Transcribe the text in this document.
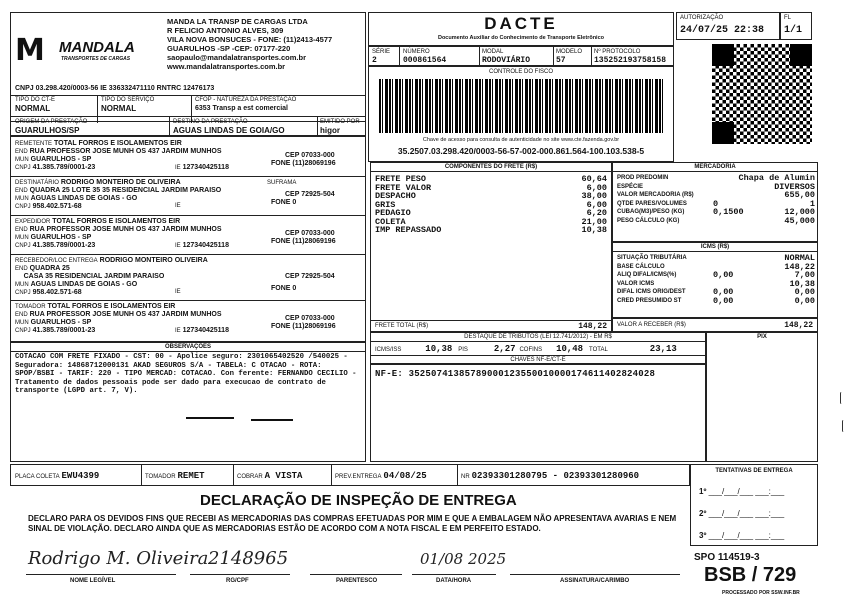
M	MANDALA
TRANSPORTES DE CARGAS
MANDA LA TRANSP DE CARGAS LTDA
R FELICIO ANTONIO ALVES, 309
VILA NOVA BONSUCES - FONE: (11)2413-4577
GUARULHOS -SP -CEP: 07177-220
saopaulo@mandalatransportes.com.br
www.mandalatransportes.com.br
CNPJ 03.298.420/0003-56 IE 336332471110 RNTRC 12476173
TIPO DO CT-E
NORMAL
TIPO DO SERVIÇO
NORMAL
CFOP - NATUREZA DA PRESTAÇÃO
6353 Transp a est comercial
ORIGEM DA PRESTAÇÃO
GUARULHOS/SP
DESTINO DA PRESTAÇÃO
AGUAS LINDAS DE GOIA/GO
EMITIDO POR
higor
DACTE
Documento Auxiliar do Conhecimento de Transporte Eletrônico
SÉRIE
2
NÚMERO
000861564
MODAL
RODOVIÁRIO
MODELO
57
Nº PROTOCOLO
135252193758158
CONTROLE DO FISCO
Chave de acesso para consulta de autenticidade no site www.cte.fazenda.gov.br
35.2507.03.298.420/0003-56-57-002-000.861.564-100.103.538-5
AUTORIZAÇÃO
24/07/25 22:38
FL
1/1
REMETENTE TOTAL FORROS E ISOLAMENTOS EIR
END RUA PROFESSOR JOSE MUNH OS 437 JARDIM MUNHOS
MUN GUARULHOS - SP
CEP 07033-000
CNPJ 41.385.789/0001-23	IE 127340425118
FONE (11)28069196
DESTINATÁRIO RODRIGO MONTEIRO DE OLIVEIRA	SUFRAMA
END QUADRA 25 LOTE 35 35 RESIDENCIAL JARDIM PARAISO
MUN AGUAS LINDAS DE GOIAS - GO
CEP 72925-504
CNPJ 958.402.571-68	IE	FONE 0
EXPEDIDOR TOTAL FORROS E ISOLAMENTOS EIR
END RUA PROFESSOR JOSE MUNH OS 437 JARDIM MUNHOS
MUN GUARULHOS - SP
CEP 07033-000
CNPJ 41.385.789/0001-23	IE 127340425118
FONE (11)28069196
RECEBEDOR/LOC ENTREGA RODRIGO MONTEIRO OLIVEIRA
END QUADRA 25
CASA 35 RESIDENCIAL JARDIM PARAISO	CEP 72925-504
MUN AGUAS LINDAS DE GOIAS - GO
CNPJ 958.402.571-68	IE	FONE 0
TOMADOR TOTAL FORROS E ISOLAMENTOS EIR
END RUA PROFESSOR JOSE MUNH OS 437 JARDIM MUNHOS
MUN GUARULHOS - SP
CEP 07033-000
CNPJ 41.385.789/0001-23	IE 127340425118
FONE (11)28069196
OBSERVAÇÕES
COTACAO COM FRETE FIXADO - CST: 00 - Apolice seguro: 2301065402520 /540025 - Seguradora: 14868712000131 AKAD SEGUROS S/A - TABELA: C OTACAO - ROTA: SPOP/BSBI - TARIF: 220 - TIPO MERCAD: COTACAO. Con ferente: FERNANDO CECILIO - Tratamento de dados pessoais pode ser dado para execucao de contrato de transporte (LGPD art. 7, V).
COMPONENTES DO FRETE (R$)
FRETE PESO	60,64
FRETE VALOR	6,00
DESPACHO	38,00
GRIS	6,00
PEDAGIO	6,20
COLETA	21,00
IMP REPASSADO	10,38
FRETE TOTAL (R$)	148,22
MERCADORIA
PROD PREDOMIN	Chapa de Alumin
ESPÉCIE	DIVERSOS
VALOR MERCADORIA (R$)	655,00
QTDE PARES/VOLUMES	0	1
CUBAG(M3)/PESO (KG)	0,1500	12,000
PESO CÁLCULO (KG)	45,000
ICMS (R$)
SITUAÇÃO TRIBUTÁRIA	NORMAL
BASE CÁLCULO	148,22
ALIQ DIFAL/ICMS(%)	0,00	7,00
VALOR ICMS	10,38
DIFAL ICMS ORIG/DEST	0,00	0,00
CRED PRESUMIDO ST	0,00	0,00
VALOR A RECEBER (R$)	148,22
DESTAQUE DE TRIBUTOS (LEI 12.741/2012) - EM R$
ICMS/ISS	10,38 PIS	2,27 COFINS 10,48 TOTAL	23,13
CHAVES NF-E/CT-E
PIX
NF-E: 35250741385789000123550010000174611402824028
PLACA COLETA EWU4399	TOMADOR REMET	COBRAR A VISTA	PREV.ENTREGA 04/08/25	NR 02393301280795 - 02393301280960	TENTATIVAS DE ENTREGA
1º ___/___/___ ___:___
2º ___/___/___ ___:___
3º ___/___/___ ___:___
DECLARAÇÃO DE INSPEÇÃO DE ENTREGA
DECLARO PARA OS DEVIDOS FINS QUE RECEBI AS MERCADORIAS DAS COMPRAS EFETUADAS POR MIM E QUE A EMBALAGEM NÃO APRESENTAVA AVARIAS E NEM SINAL DE VIOLAÇÃO. DECLARO AINDA QUE AS MERCADORIAS ESTÃO DE ACORDO COM A NOTA FISCAL E EM PERFEITO ESTADO.
Rodrigo M. Oliveira 2148965	01/08 2025
NOME LEGÍVEL	RG/CPF	PARENTESCO	DATA/HORA	ASSINATURA/CARIMBO
SPO 114519-3
BSB / 729
PROCESSADO POR SSW.INF.BR
